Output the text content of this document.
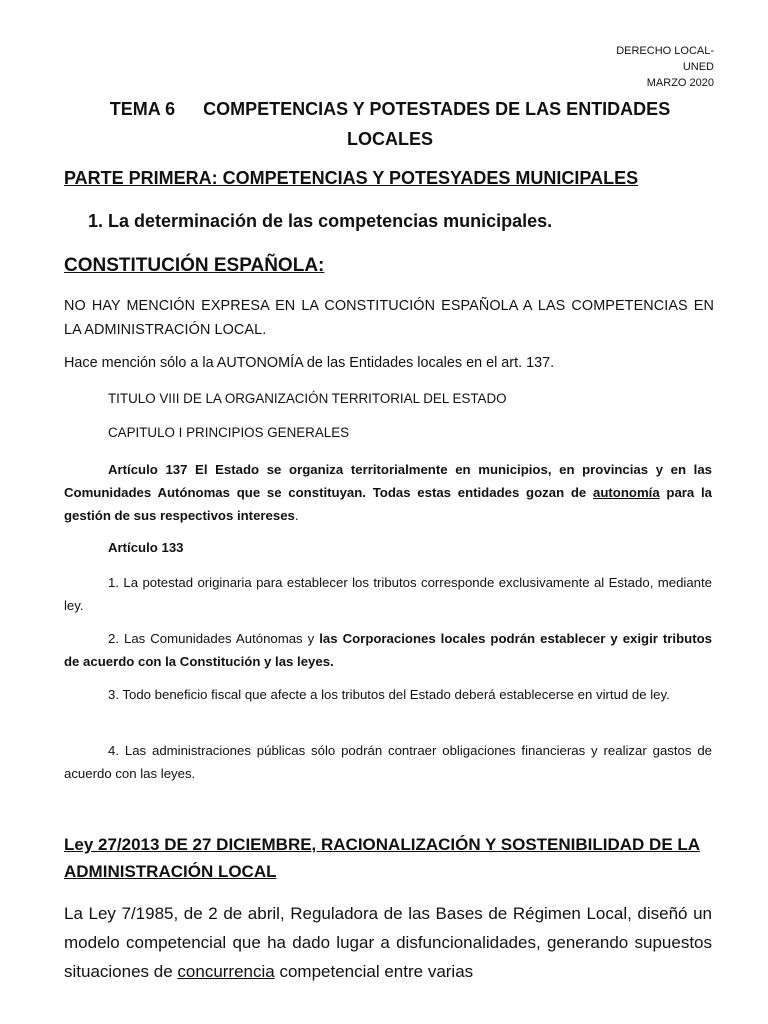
DERECHO LOCAL-
UNED
MARZO 2020
TEMA 6 COMPETENCIAS Y POTESTADES DE LAS ENTIDADES
LOCALES
PARTE PRIMERA: COMPETENCIAS Y POTESYADES MUNICIPALES
1. La determinación de las competencias municipales.
CONSTITUCIÓN ESPAÑOLA:
NO HAY MENCIÓN EXPRESA EN LA CONSTITUCIÓN ESPAÑOLA A LAS COMPETENCIAS EN LA ADMINISTRACIÓN LOCAL.
Hace mención sólo a la AUTONOMÍA de las Entidades locales en el art. 137.
TITULO VIII DE LA ORGANIZACIÓN TERRITORIAL DEL ESTADO
CAPITULO I PRINCIPIOS GENERALES
Artículo 137 El Estado se organiza territorialmente en municipios, en provincias y en las Comunidades Autónomas que se constituyan. Todas estas entidades gozan de autonomía para la gestión de sus respectivos intereses.
Artículo 133
1. La potestad originaria para establecer los tributos corresponde exclusivamente al Estado, mediante ley.
2. Las Comunidades Autónomas y las Corporaciones locales podrán establecer y exigir tributos de acuerdo con la Constitución y las leyes.
3. Todo beneficio fiscal que afecte a los tributos del Estado deberá establecerse en virtud de ley.
4. Las administraciones públicas sólo podrán contraer obligaciones financieras y realizar gastos de acuerdo con las leyes.
Ley 27/2013 DE 27 DICIEMBRE, RACIONALIZACIÓN Y SOSTENIBILIDAD DE LA ADMINISTRACIÓN LOCAL
La Ley 7/1985, de 2 de abril, Reguladora de las Bases de Régimen Local, diseñó un modelo competencial que ha dado lugar a disfuncionalidades, generando supuestos situaciones de concurrencia competencial entre varias
